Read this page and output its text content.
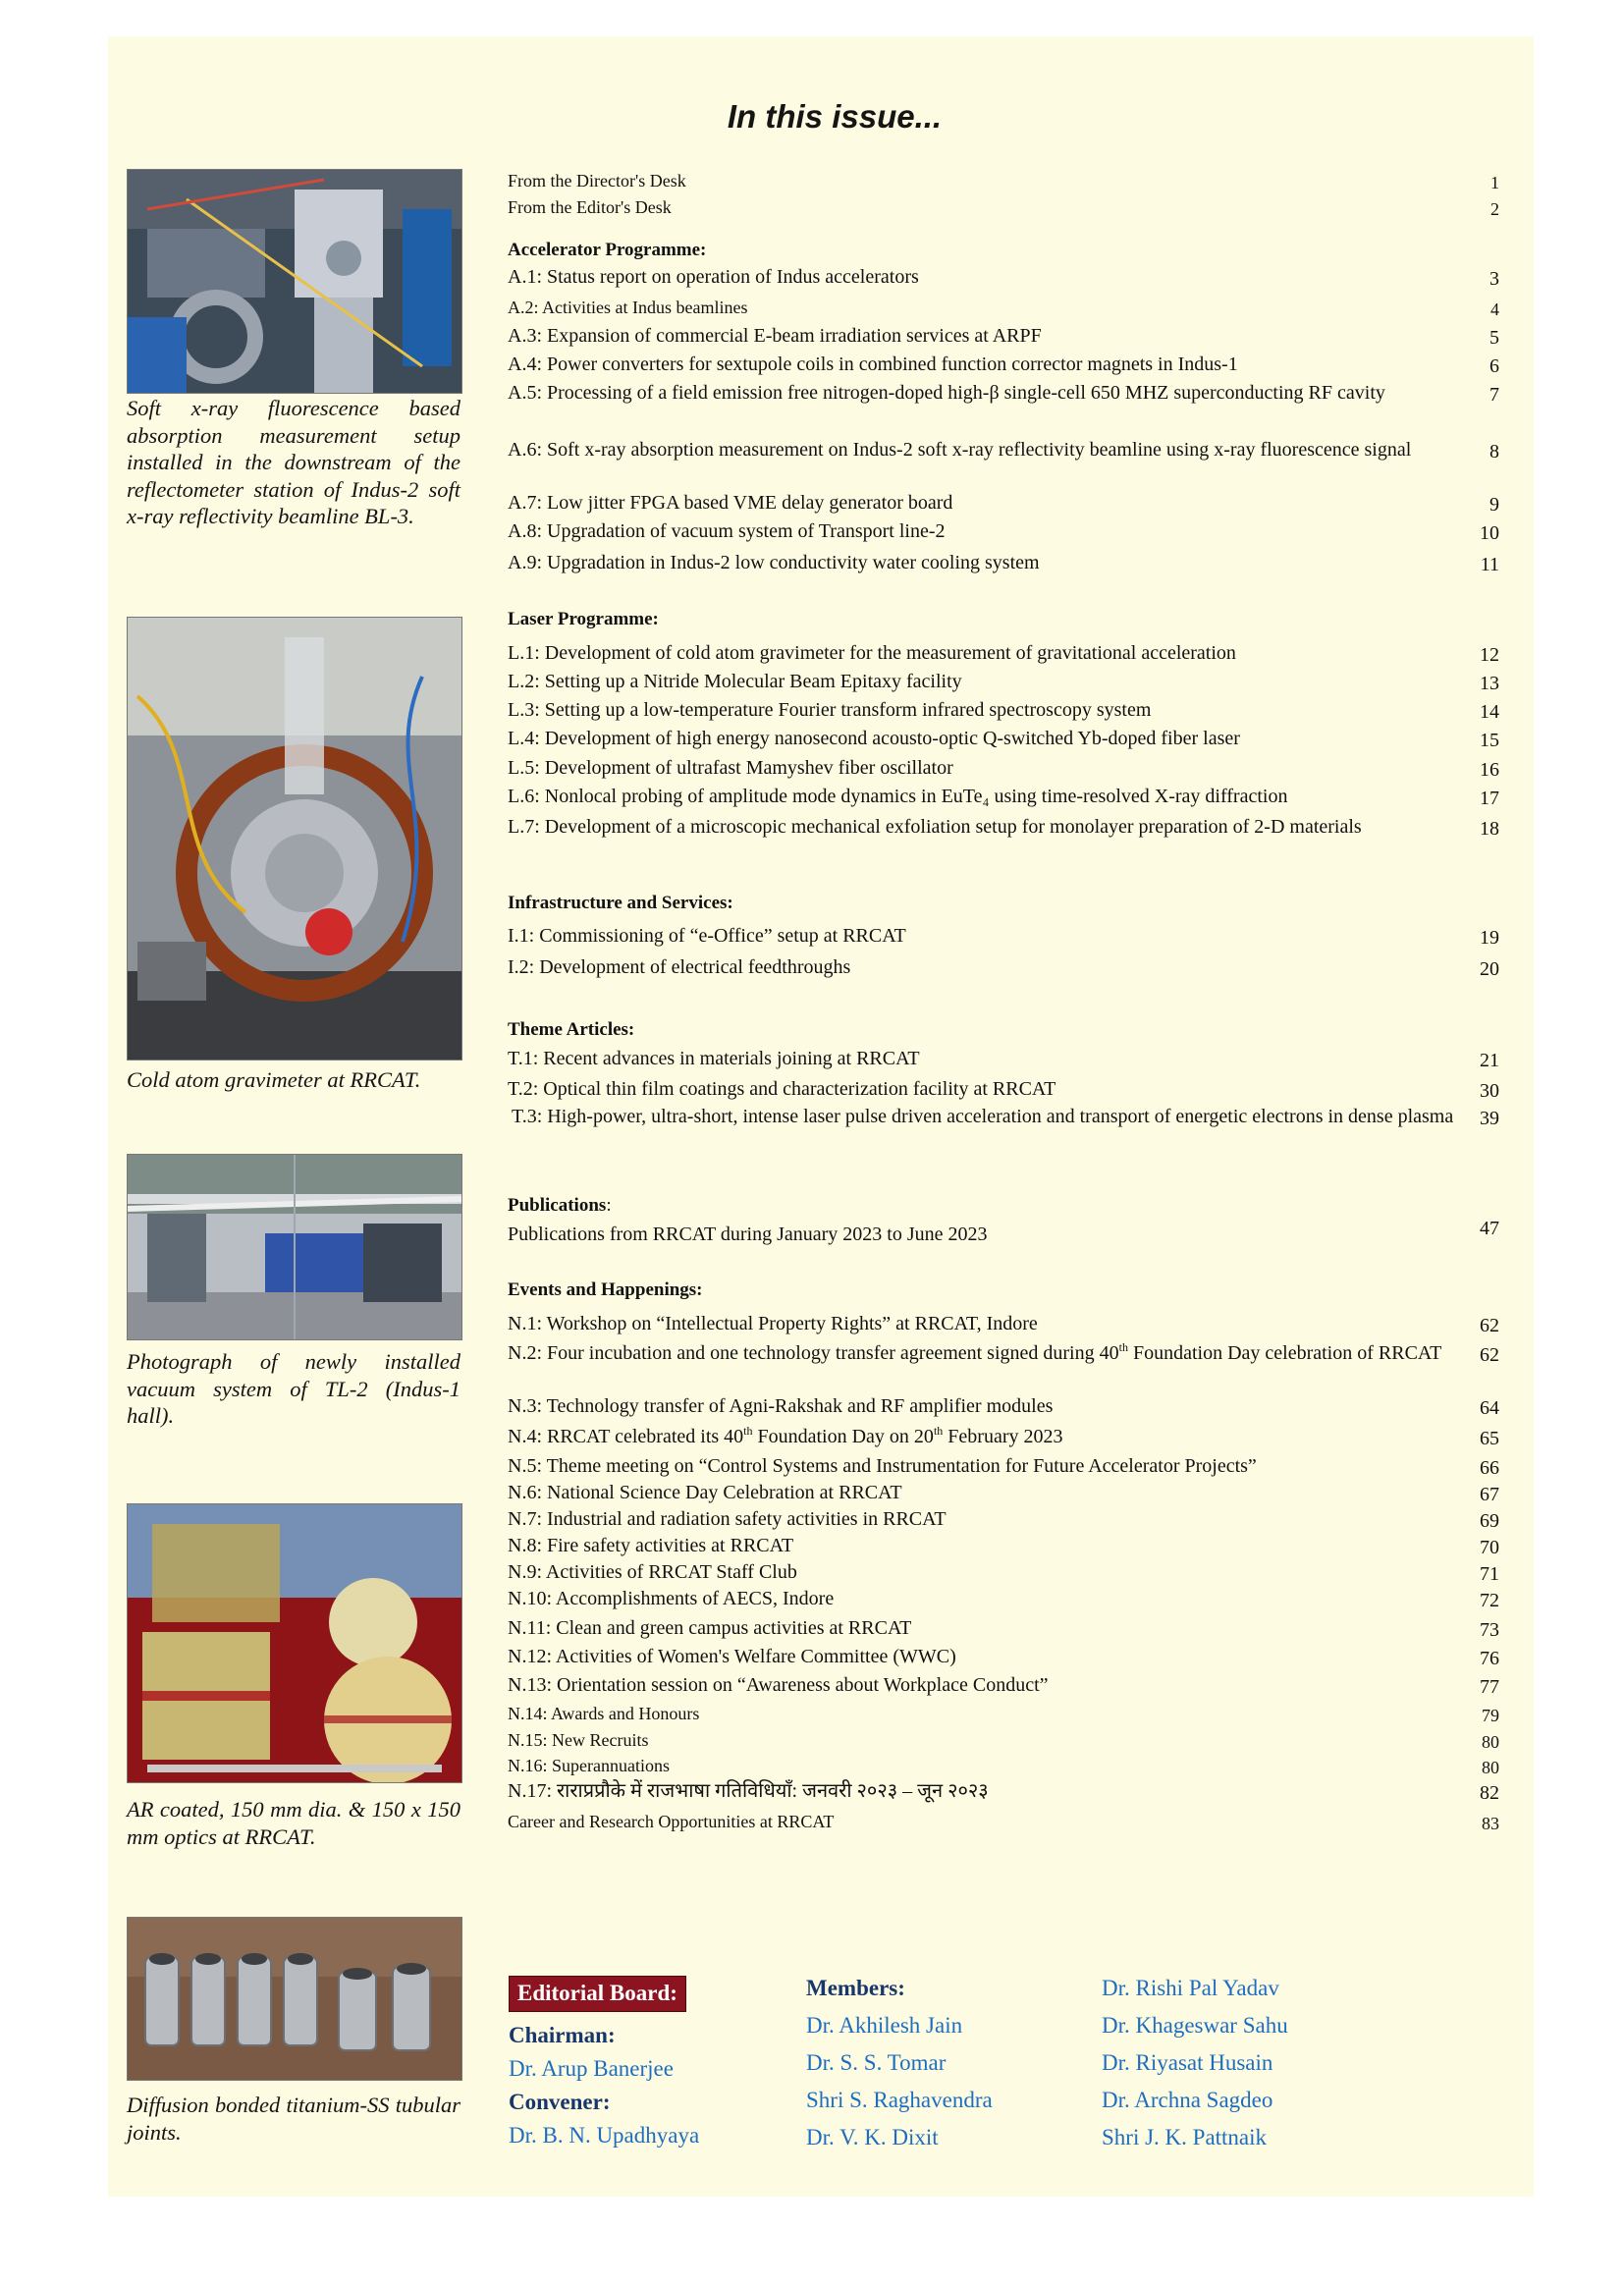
In this issue...
Soft x-ray fluorescence based absorption measurement setup installed in the downstream of the reflectometer station of Indus-2 soft x-ray reflectivity beamline BL-3.
Cold atom gravimeter at RRCAT.
Photograph of newly installed vacuum system of TL-2 (Indus-1 hall).
AR coated, 150 mm dia. & 150 x 150 mm optics at RRCAT.
Diffusion bonded titanium-SS tubular joints.
From the Director's Desk	1
From the Editor's Desk	2
Accelerator Programme:
A.1: Status report on operation of Indus accelerators	3
A.2: Activities at Indus beamlines	4
A.3: Expansion of commercial E-beam irradiation services at ARPF	5
A.4: Power converters for sextupole coils in combined function corrector magnets in Indus-1	6
A.5: Processing of a field emission free nitrogen-doped high-β single-cell 650 MHZ superconducting RF cavity	7
A.6: Soft x-ray absorption measurement on Indus-2 soft x-ray reflectivity beamline using x-ray fluorescence signal	8
A.7: Low jitter FPGA based VME delay generator board	9
A.8: Upgradation of vacuum system of Transport line-2	10
A.9: Upgradation in Indus-2 low conductivity water cooling system	11
Laser Programme:
L.1: Development of cold atom gravimeter for the measurement of gravitational acceleration	12
L.2: Setting up a Nitride Molecular Beam Epitaxy facility	13
L.3: Setting up a low-temperature Fourier transform infrared spectroscopy system	14
L.4: Development of high energy nanosecond acousto-optic Q-switched Yb-doped fiber laser	15
L.5: Development of ultrafast Mamyshev fiber oscillator	16
L.6: Nonlocal probing of amplitude mode dynamics in EuTe₄ using time-resolved X-ray diffraction	17
L.7: Development of a microscopic mechanical exfoliation setup for monolayer preparation of 2-D materials	18
Infrastructure and Services:
I.1: Commissioning of “e-Office” setup at RRCAT	19
I.2: Development of electrical feedthroughs	20
Theme Articles:
T.1: Recent advances in materials joining at RRCAT	21
T.2: Optical thin film coatings and characterization facility at RRCAT	30
T.3: High-power, ultra-short, intense laser pulse driven acceleration and transport of energetic electrons in dense plasma	39
Publications:
Publications from RRCAT during January 2023 to June 2023	47
Events and Happenings:
N.1: Workshop on “Intellectual Property Rights” at RRCAT, Indore	62
N.2: Four incubation and one technology transfer agreement signed during 40th Foundation Day celebration of RRCAT	62
N.3: Technology transfer of Agni-Rakshak and RF amplifier modules	64
N.4: RRCAT celebrated its 40th Foundation Day on 20th February 2023	65
N.5: Theme meeting on “Control Systems and Instrumentation for Future Accelerator Projects”	66
N.6: National Science Day Celebration at RRCAT	67
N.7: Industrial and radiation safety activities in RRCAT	69
N.8: Fire safety activities at RRCAT	70
N.9: Activities of RRCAT Staff Club	71
N.10: Accomplishments of AECS, Indore	72
N.11: Clean and green campus activities at RRCAT	73
N.12: Activities of Women's Welfare Committee (WWC)	76
N.13: Orientation session on “Awareness about Workplace Conduct”	77
N.14: Awards and Honours	79
N.15: New Recruits	80
N.16: Superannuations	80
N.17: राराप्रप्रौके में राजभाषा गतिविधियाँ: जनवरी २०२३ – जून २०२३	82
Career and Research Opportunities at RRCAT	83
Editorial Board:
Chairman:
Dr. Arup Banerjee
Convener:
Dr. B. N. Upadhyaya
Members:
Dr. Akhilesh Jain
Dr. S. S. Tomar
Shri S. Raghavendra
Dr. V. K. Dixit
Dr. Rishi Pal Yadav
Dr. Khageswar Sahu
Dr. Riyasat Husain
Dr. Archna Sagdeo
Shri J. K. Pattnaik
